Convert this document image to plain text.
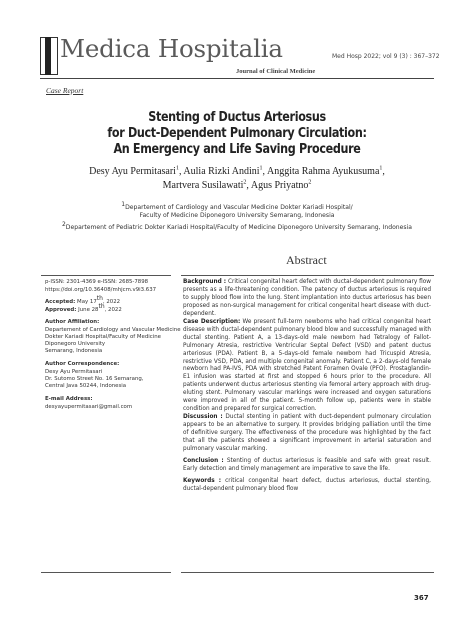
Medica Hospitalia
Journal of Clinical Medicine
Med Hosp 2022; vol 9 (3) : 367–372
Case Report
Stenting of Ductus Arteriosus
for Duct-Dependent Pulmonary Circulation:
An Emergency and Life Saving Procedure
Desy Ayu Permitasari$^1$, Aulia Rizki Andini$^1$, Anggita Rahma Ayukusuma$^1$,
Martvera Susilawati$^2$, Agus Priyatno$^2$
$^1$Departement of Cardiology and Vascular Medicine Dokter Kariadi Hospital/
Faculty of Medicine Diponegoro University Semarang, Indonesia
$^2$Departement of Pediatric Dokter Kariadi Hospital/Faculty of Medicine Diponegoro University Semarang, Indonesia
Abstract
p-ISSN: 2301-4369 e-ISSN: 2685-7898
https://doi.org/10.36408/mhjcm.v9i3.637
Accepted: May 17th, 2022
Approved: June 28th, 2022
Author Affiliation:
Departement of Cardiology and Vascular Medicine
Dokter Kariadi Hospital/Faculty of Medicine
Diponegoro University
Semarang, Indonesia
Author Correspondence:
Desy Ayu Permitasari
Dr. Sutomo Street No. 16 Semarang,
Central Java 50244, Indonesia
E-mail Address:
desyayupermitasari@gmail.com

Background : Critical congenital heart defect with ductal-dependent pulmonary flow presents as a life-threatening condition. The patency of ductus arteriosus is required to supply blood flow into the lung. Stent implantation into ductus arteriosus has been proposed as non-surgical management for critical congenital heart disease with duct-dependent.

Case Description: We present full-term newborns who had critical congenital heart disease with ductal-dependent pulmonary blood blow and successfully managed with ductal stenting. Patient A, a 13-days-old male newborn had Tetralogy of Fallot-Pulmonary Atresia, restrictive Ventricular Septal Defect (VSD) and patent ductus arteriosus (PDA). Patient B, a 5-days-old female newborn had Tricuspid Atresia, restrictive VSD, PDA, and multiple congenital anomaly. Patient C, a 2-days-old female newborn had PA-IVS, PDA with stretched Patent Foramen Ovale (PFO). Prostaglandin-E1 infusion was started at first and stopped 6 hours prior to the procedure. All patients underwent ductus arteriosus stenting via femoral artery approach with drug-eluting stent. Pulmonary vascular markings were increased and oxygen saturations were improved in all of the patient. 5-month follow up, patients were in stable condition and prepared for surgical correction.

Discussion : Ductal stenting in patient with duct-dependent pulmonary circulation appears to be an alternative to surgery. It provides bridging palliation until the time of definitive surgery. The effectiveness of the procedure was highlighted by the fact that all the patients showed a significant improvement in arterial saturation and pulmonary vascular marking.

Conclusion : Stenting of ductus arteriosus is feasible and safe with great result. Early detection and timely management are imperative to save the life.

Keywords : critical congenital heart defect, ductus arteriosus, ductal stenting, ductal-dependent pulmonary blood flow

367
